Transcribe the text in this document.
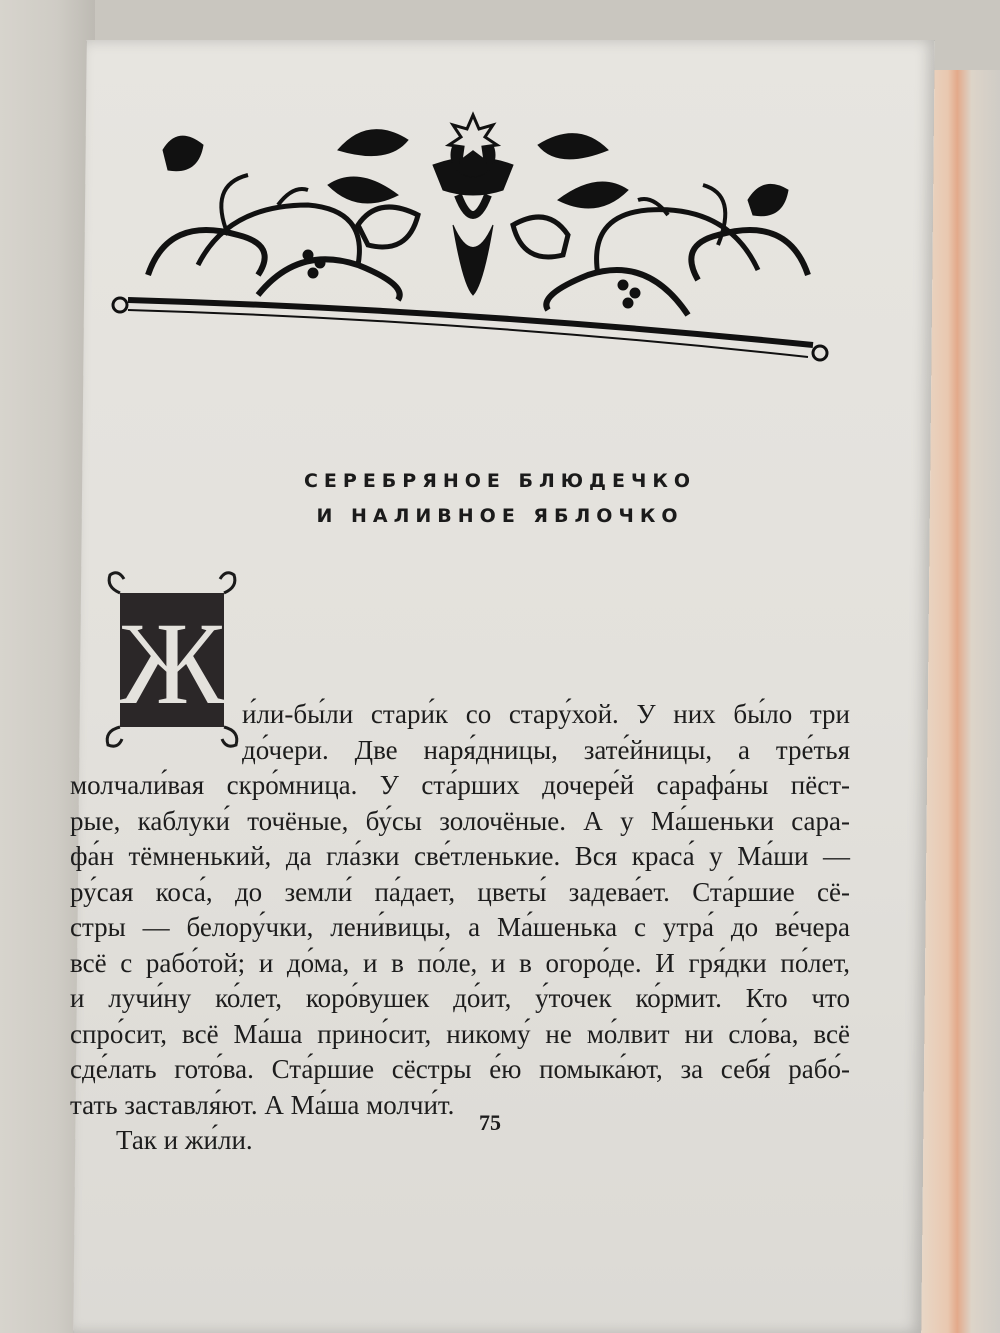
СЕРЕБРЯНОЕ БЛЮДЕЧКО
И НАЛИВНОЕ ЯБЛОЧКО
Ж и́ли-бы́ли стари́к со стару́хой. У них бы́ло три
до́чери. Две наря́дницы, зате́йницы, а тре́тья
молчали́вая скро́мница. У ста́рших дочере́й сарафа́ны пёст-
рые, каблуки́ точёные, бу́сы золочёные. А у Ма́шеньки сара-
фа́н тёмненький, да гла́зки све́тленькие. Вся краса́ у Ма́ши —
ру́сая коса́, до земли́ па́дает, цветы́ задева́ет. Ста́ршие сё-
стры — белору́чки, лени́вицы, а Ма́шенька с утра́ до ве́чера
всё с рабо́той; и до́ма, и в по́ле, и в огоро́де. И гря́дки по́лет,
и лучи́ну ко́лет, коро́вушек до́ит, у́точек ко́рмит. Кто что
спро́сит, всё Ма́ша прино́сит, никому́ не мо́лвит ни сло́ва, всё
сде́лать гото́ва. Ста́ршие сёстры е́ю помыка́ют, за себя́ рабо́-
тать заставля́ют. А Ма́ша молчи́т.
Так и жи́ли.
75
